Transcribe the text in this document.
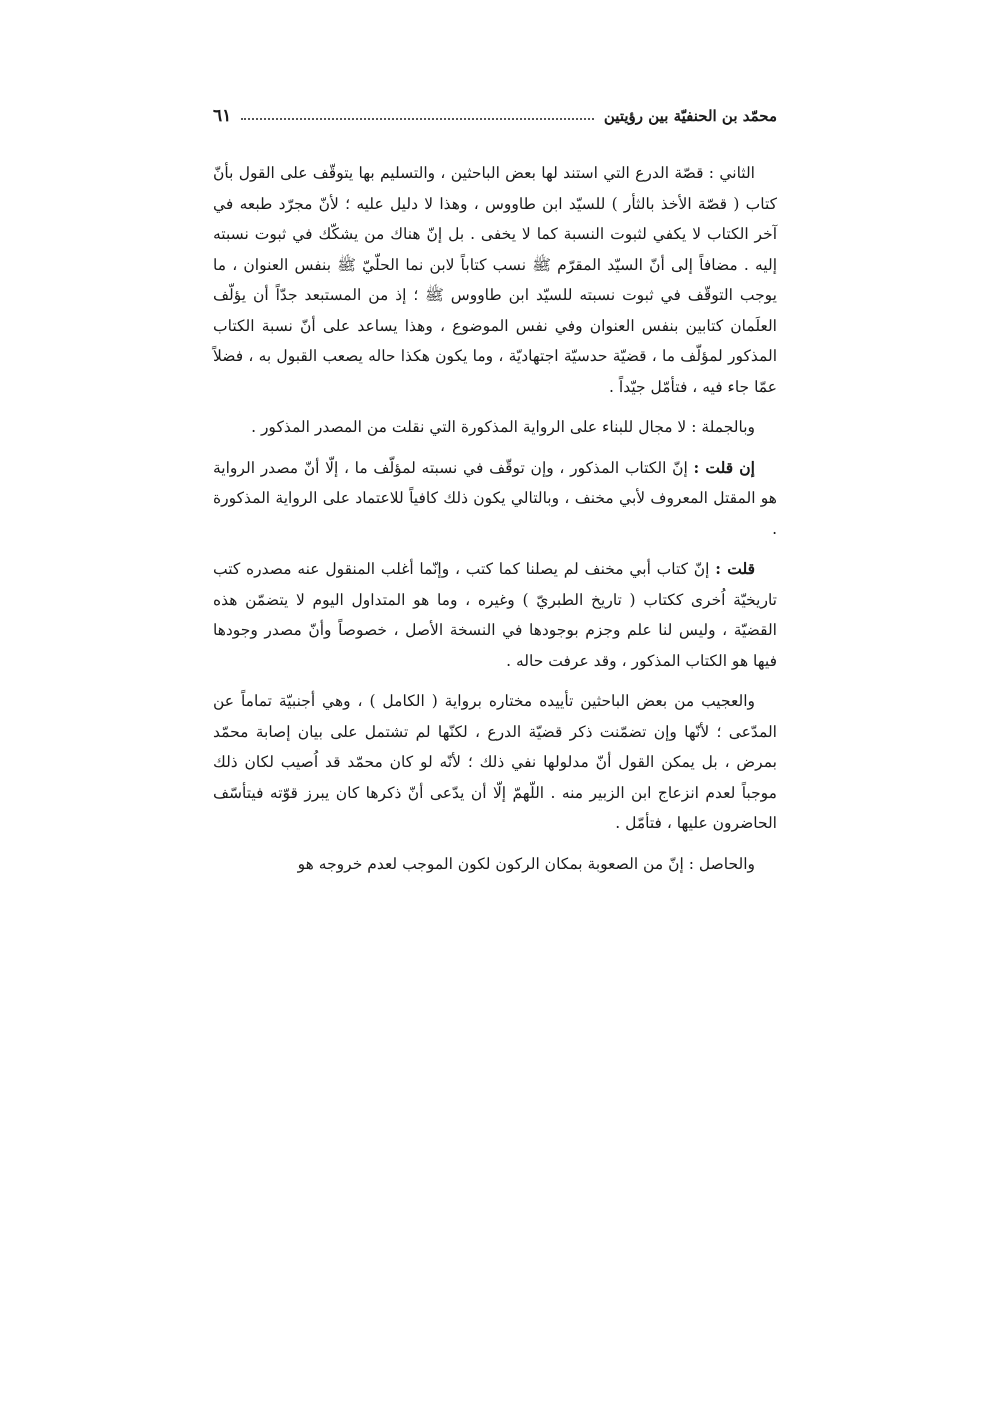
محمّد بن الحنفيّة بين رؤيتين
٦١

الثاني : قصّة الدرع التي استند لها بعض الباحثين ، والتسليم بها يتوقّف على القول بأنّ كتاب ( قصّة الأخذ بالثأر ) للسيّد ابن طاووس ، وهذا لا دليل عليه ؛ لأنّ مجرّد طبعه في آخر الكتاب لا يكفي لثبوت النسبة كما لا يخفى . بل إنّ هناك من يشكّك في ثبوت نسبته إليه . مضافاً إلى أنّ السيّد المقرّم ﷺ نسب كتاباً لابن نما الحلّيّ ﷺ بنفس العنوان ، ما يوجب التوقّف في ثبوت نسبته للسيّد ابن طاووس ﷺ ؛ إذ من المستبعد جدّاً أن يؤلّف العلَمان كتابين بنفس العنوان وفي نفس الموضوع ، وهذا يساعد على أنّ نسبة الكتاب المذكور لمؤلّف ما ، قضيّة حدسيّة اجتهاديّة ، وما يكون هكذا حاله يصعب القبول به ، فضلاً عمّا جاء فيه ، فتأمّل جيّداً .

وبالجملة : لا مجال للبناء على الرواية المذكورة التي نقلت من المصدر المذكور .

إن قلت : إنّ الكتاب المذكور ، وإن توقّف في نسبته لمؤلّف ما ، إلّا أنّ مصدر الرواية هو المقتل المعروف لأبي مخنف ، وبالتالي يكون ذلك كافياً للاعتماد على الرواية المذكورة .

قلت : إنّ كتاب أبي مخنف لم يصلنا كما كتب ، وإنّما أغلب المنقول عنه مصدره كتب تاريخيّة اُخرى ككتاب ( تاريخ الطبريّ ) وغيره ، وما هو المتداول اليوم لا يتضمّن هذه القضيّة ، وليس لنا علم وجزم بوجودها في النسخة الأصل ، خصوصاً وأنّ مصدر وجودها فيها هو الكتاب المذكور ، وقد عرفت حاله .

والعجيب من بعض الباحثين تأييده مختاره برواية ( الكامل ) ، وهي أجنبيّة تماماً عن المدّعى ؛ لأنّها وإن تضمّنت ذكر قضيّة الدرع ، لكنّها لم تشتمل على بيان إصابة محمّد بمرض ، بل يمكن القول أنّ مدلولها نفي ذلك ؛ لأنّه لو كان محمّد قد اُصيب لكان ذلك موجباً لعدم انزعاج ابن الزبير منه . اللّهمّ إلّا أن يدّعى أنّ ذكرها كان يبرز قوّته فيتأسّف الحاضرون عليها ، فتأمّل .

والحاصل : إنّ من الصعوبة بمكان الركون لكون الموجب لعدم خروجه هو
